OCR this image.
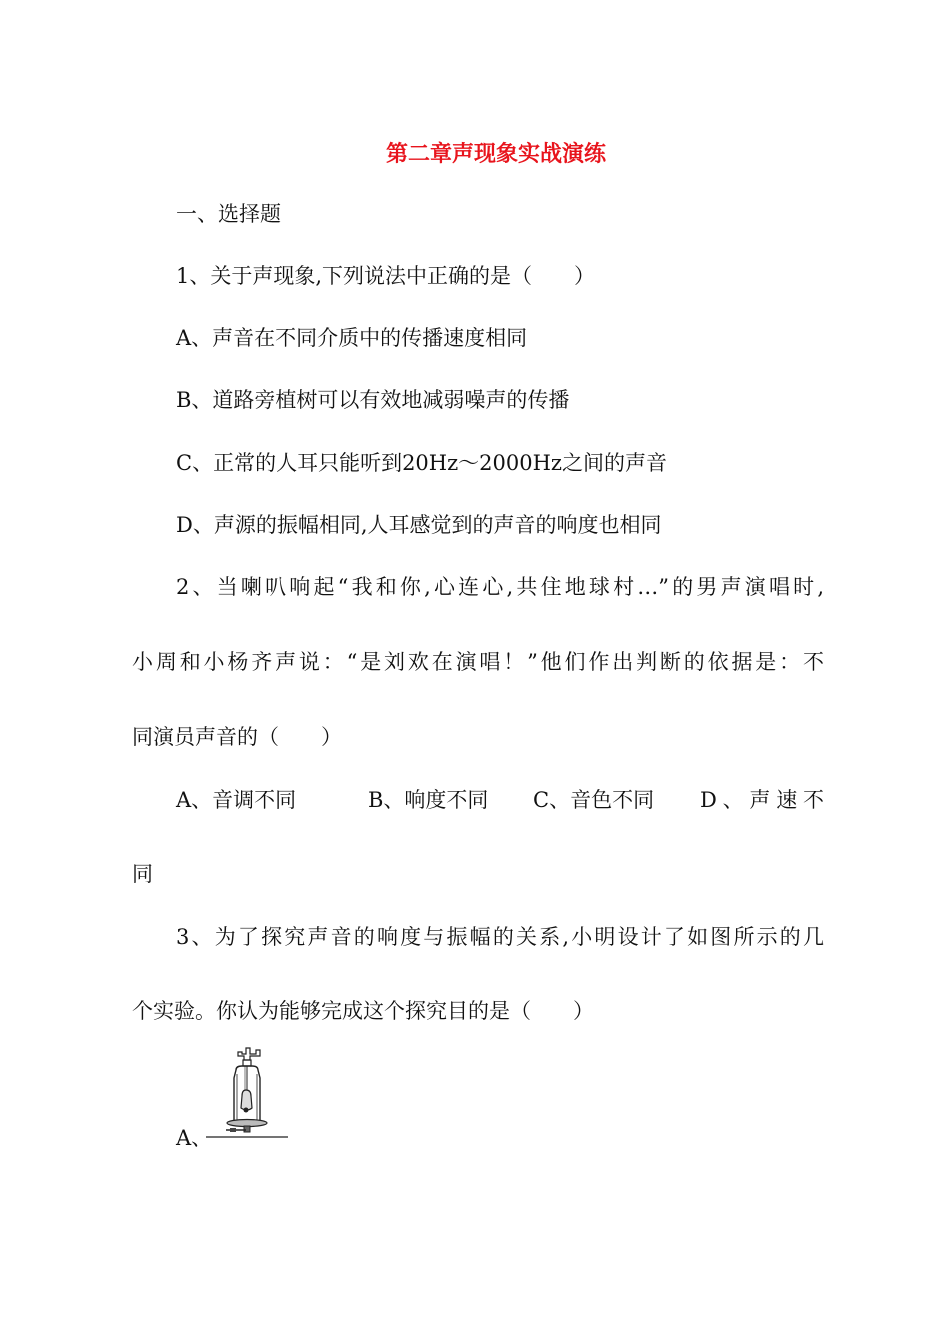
第二章声现象实战演练
一、选择题
1、关于声现象,下列说法中正确的是（　　）
A、声音在不同介质中的传播速度相同
B、道路旁植树可以有效地减弱噪声的传播
C、正常的人耳只能听到20Hz～2000Hz之间的声音
D、声源的振幅相同,人耳感觉到的声音的响度也相同
2、当喇叭响起“我和你,心连心,共住地球村…”的男声演唱时,
小周和小杨齐声说：“是刘欢在演唱！”他们作出判断的依据是：不
同演员声音的（　　）
A、音调不同	B、响度不同 C、音色不同 D、声速不
同
3、为了探究声音的响度与振幅的关系,小明设计了如图所示的几
个实验。你认为能够完成这个探究目的是（　　）
A、
